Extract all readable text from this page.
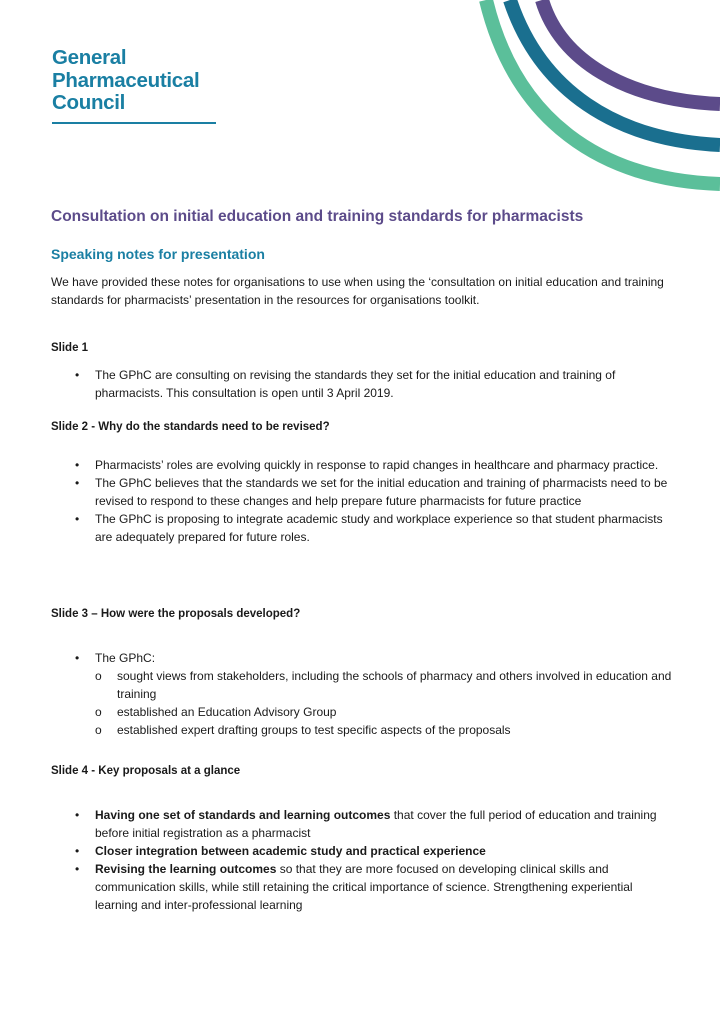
General
Pharmaceutical
Council
Consultation on initial education and training standards for pharmacists
Speaking notes for presentation

We have provided these notes for organisations to use when using the ‘consultation on initial education and training standards for pharmacists’ presentation in the resources for organisations toolkit.

Slide 1
• The GPhC are consulting on revising the standards they set for the initial education and training of pharmacists. This consultation is open until 3 April 2019.
Slide 2 - Why do the standards need to be revised?
• Pharmacists’ roles are evolving quickly in response to rapid changes in healthcare and pharmacy practice.
• The GPhC believes that the standards we set for the initial education and training of pharmacists need to be revised to respond to these changes and help prepare future pharmacists for future practice
• The GPhC is proposing to integrate academic study and workplace experience so that student pharmacists are adequately prepared for future roles.
Slide 3 – How were the proposals developed?
• The GPhC:
o sought views from stakeholders, including the schools of pharmacy and others involved in education and training
o established an Education Advisory Group
o established expert drafting groups to test specific aspects of the proposals
Slide 4 - Key proposals at a glance
• Having one set of standards and learning outcomes that cover the full period of education and training before initial registration as a pharmacist
• Closer integration between academic study and practical experience
• Revising the learning outcomes so that they are more focused on developing clinical skills and communication skills, while still retaining the critical importance of science. Strengthening experiential learning and inter-professional learning
